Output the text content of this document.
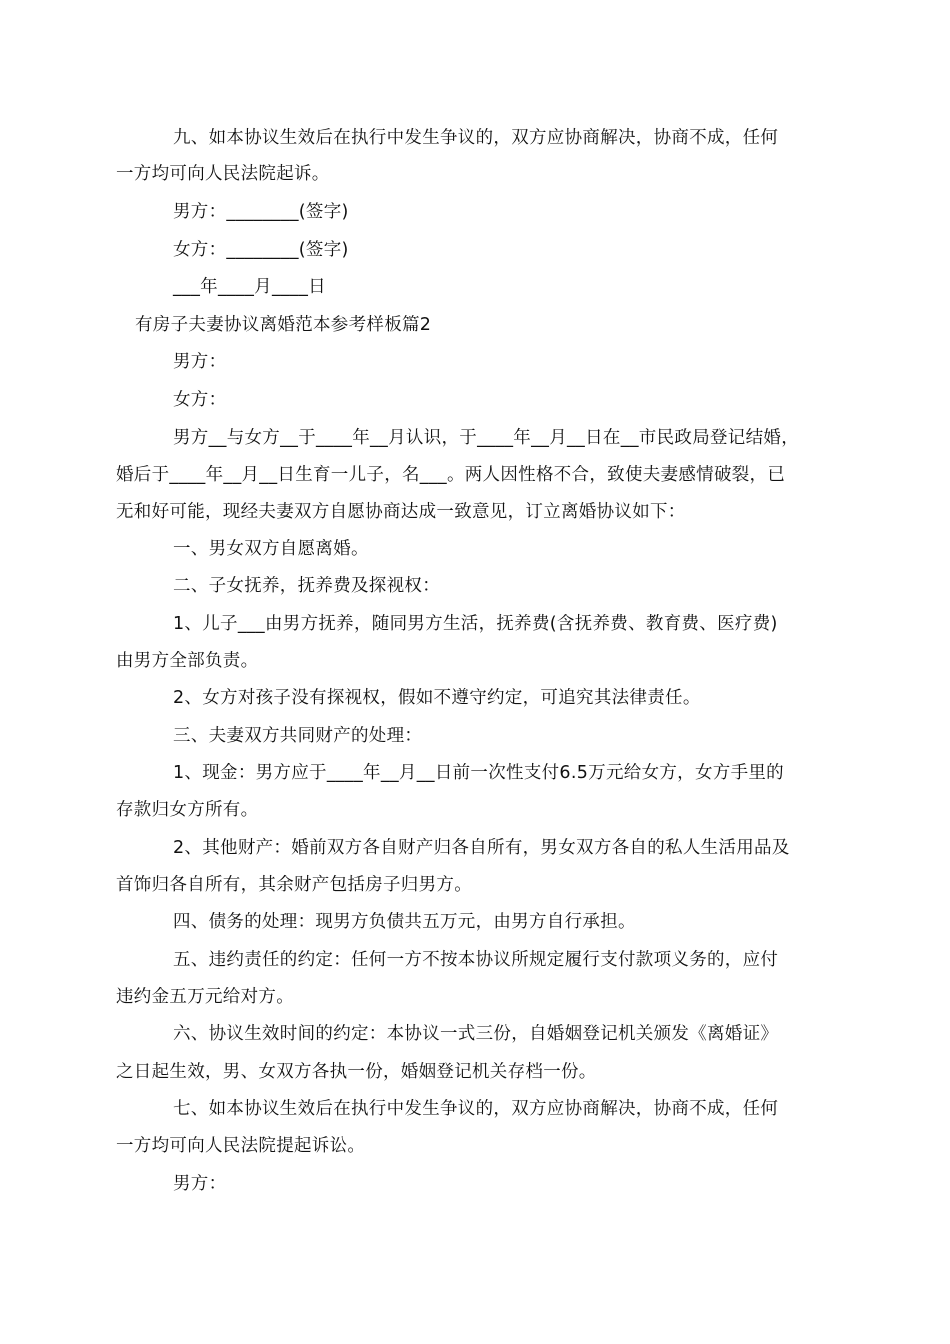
九、如本协议生效后在执行中发生争议的，双方应协商解决，协商不成，任何
一方均可向人民法院起诉。
男方：________(签字)
女方：________(签字)
___年____月____日
有房子夫妻协议离婚范本参考样板篇2
男方：
女方：
男方__与女方__于____年__月认识，于____年__月__日在__市民政局登记结婚，
婚后于____年__月__日生育一儿子，名___。两人因性格不合，致使夫妻感情破裂，已
无和好可能，现经夫妻双方自愿协商达成一致意见，订立离婚协议如下：
一、男女双方自愿离婚。
二、子女抚养，抚养费及探视权：
1、儿子___由男方抚养，随同男方生活，抚养费(含抚养费、教育费、医疗费)
由男方全部负责。
2、女方对孩子没有探视权，假如不遵守约定，可追究其法律责任。
三、夫妻双方共同财产的处理：
1、现金：男方应于____年__月__日前一次性支付6.5万元给女方，女方手里的
存款归女方所有。
2、其他财产：婚前双方各自财产归各自所有，男女双方各自的私人生活用品及
首饰归各自所有，其余财产包括房子归男方。
四、债务的处理：现男方负债共五万元，由男方自行承担。
五、违约责任的约定：任何一方不按本协议所规定履行支付款项义务的，应付
违约金五万元给对方。
六、协议生效时间的约定：本协议一式三份，自婚姻登记机关颁发《离婚证》
之日起生效，男、女双方各执一份，婚姻登记机关存档一份。
七、如本协议生效后在执行中发生争议的，双方应协商解决，协商不成，任何
一方均可向人民法院提起诉讼。
男方：
